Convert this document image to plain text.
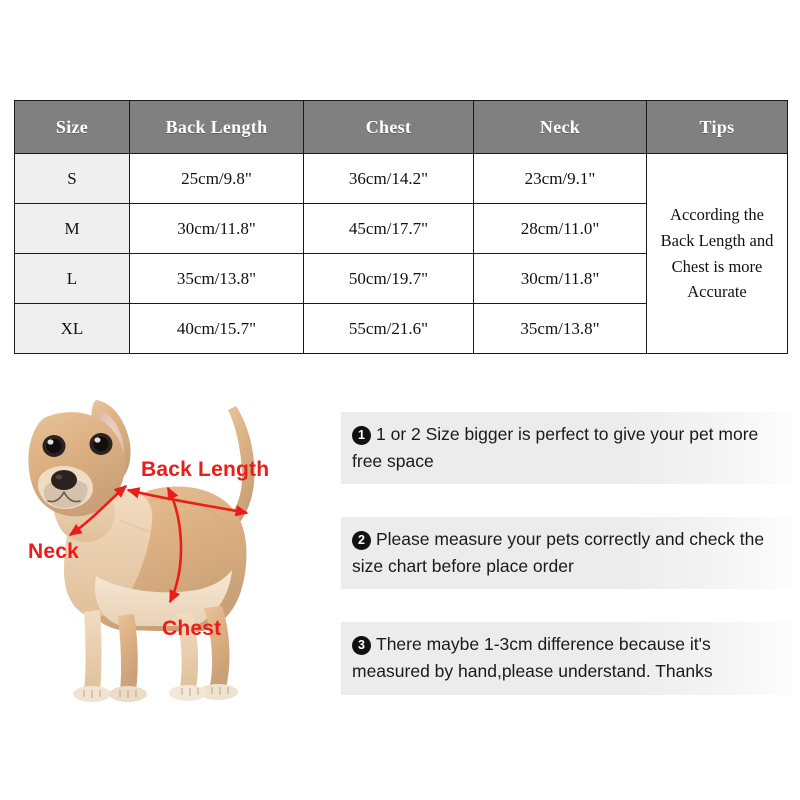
Size	Back Length	Chest	Neck	Tips
S	25cm/9.8"	36cm/14.2"	23cm/9.1"	According the Back Length and Chest is more Accurate
M	30cm/11.8"	45cm/17.7"	28cm/11.0"	
L	35cm/13.8"	50cm/19.7"	30cm/11.8"	
XL	40cm/15.7"	55cm/21.6"	35cm/13.8"	
Back Length
Neck
Chest
1 1 or 2 Size bigger is perfect to give your pet more free space
2 Please measure your pets correctly and check the size chart before place order
3 There maybe 1-3cm difference because it's measured by hand,please understand. Thanks
